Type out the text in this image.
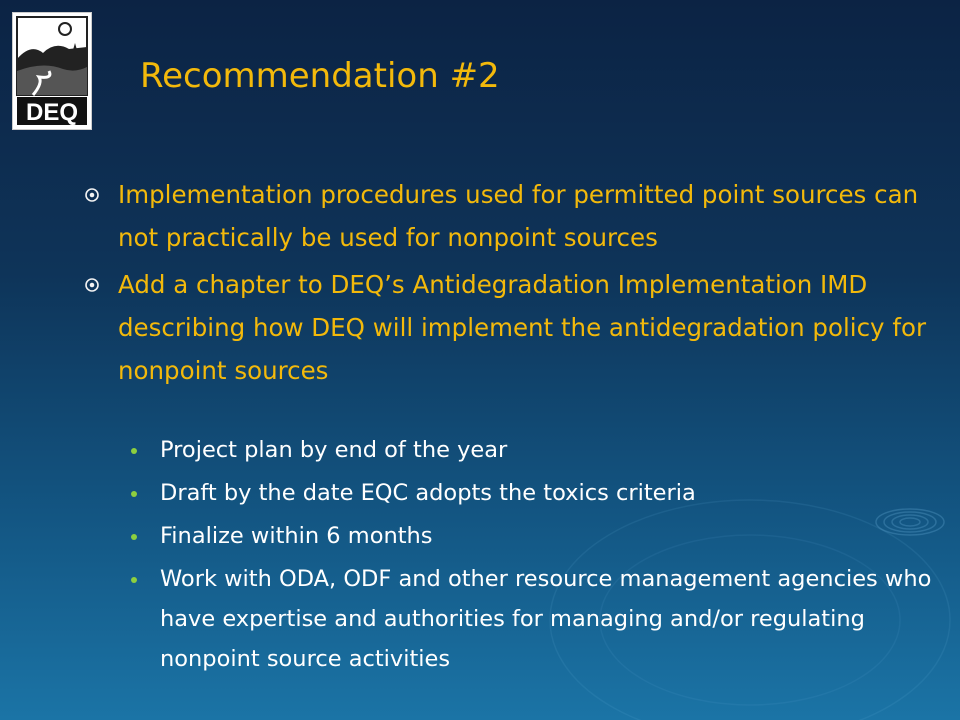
DEQ
Recommendation #2
Implementation procedures used for permitted point sources can not practically be used for nonpoint sources
Add a chapter to DEQ’s Antidegradation Implementation IMD describing how DEQ will implement the antidegradation policy for nonpoint sources
Project plan by end of the year
Draft by the date EQC adopts the toxics criteria
Finalize within 6 months
Work with ODA, ODF and other resource management agencies who have expertise and authorities for managing and/or regulating nonpoint source activities
